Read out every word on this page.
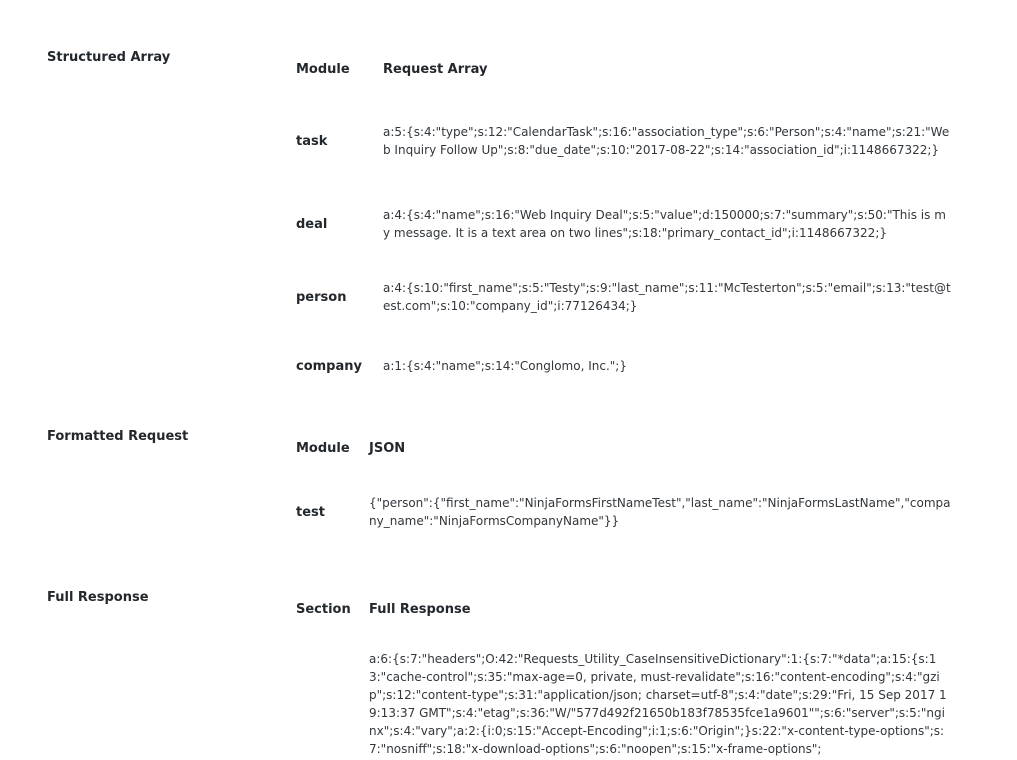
Structured Array
Module	Request Array
task	a:5:{s:4:"type";s:12:"CalendarTask";s:16:"association_type";s:6:"Person";s:4:"name";s:21:"Web Inquiry Follow Up";s:8:"due_date";s:10:"2017-08-22";s:14:"association_id";i:1148667322;}
deal	a:4:{s:4:"name";s:16:"Web Inquiry Deal";s:5:"value";d:150000;s:7:"summary";s:50:"This is my message. It is a text area on two lines";s:18:"primary_contact_id";i:1148667322;}
person	a:4:{s:10:"first_name";s:5:"Testy";s:9:"last_name";s:11:"McTesterton";s:5:"email";s:13:"test@test.com";s:10:"company_id";i:77126434;}
company	a:1:{s:4:"name";s:14:"Conglomo, Inc.";}
Formatted Request
Module	JSON
test	{"person":{"first_name":"NinjaFormsFirstNameTest","last_name":"NinjaFormsLastName","company_name":"NinjaFormsCompanyName"}}
Full Response
Section	Full Response

	a:6:{s:7:"headers";O:42:"Requests_Utility_CaseInsensitiveDictionary":1:{s:7:"*data";a:15:{s:13:"cache-control";s:35:"max-age=0, private, must-revalidate";s:16:"content-encoding";s:4:"gzip";s:12:"content-type";s:31:"application/json; charset=utf-8";s:4:"date";s:29:"Fri, 15 Sep 2017 19:13:37 GMT";s:4:"etag";s:36:"W/"577d492f21650b183f78535fce1a9601"";s:6:"server";s:5:"nginx";s:4:"vary";a:2:{i:0;s:15:"Accept-Encoding";i:1;s:6:"Origin";}s:22:"x-content-type-options";s:7:"nosniff";s:18:"x-download-options";s:6:"noopen";s:15:"x-frame-options";
